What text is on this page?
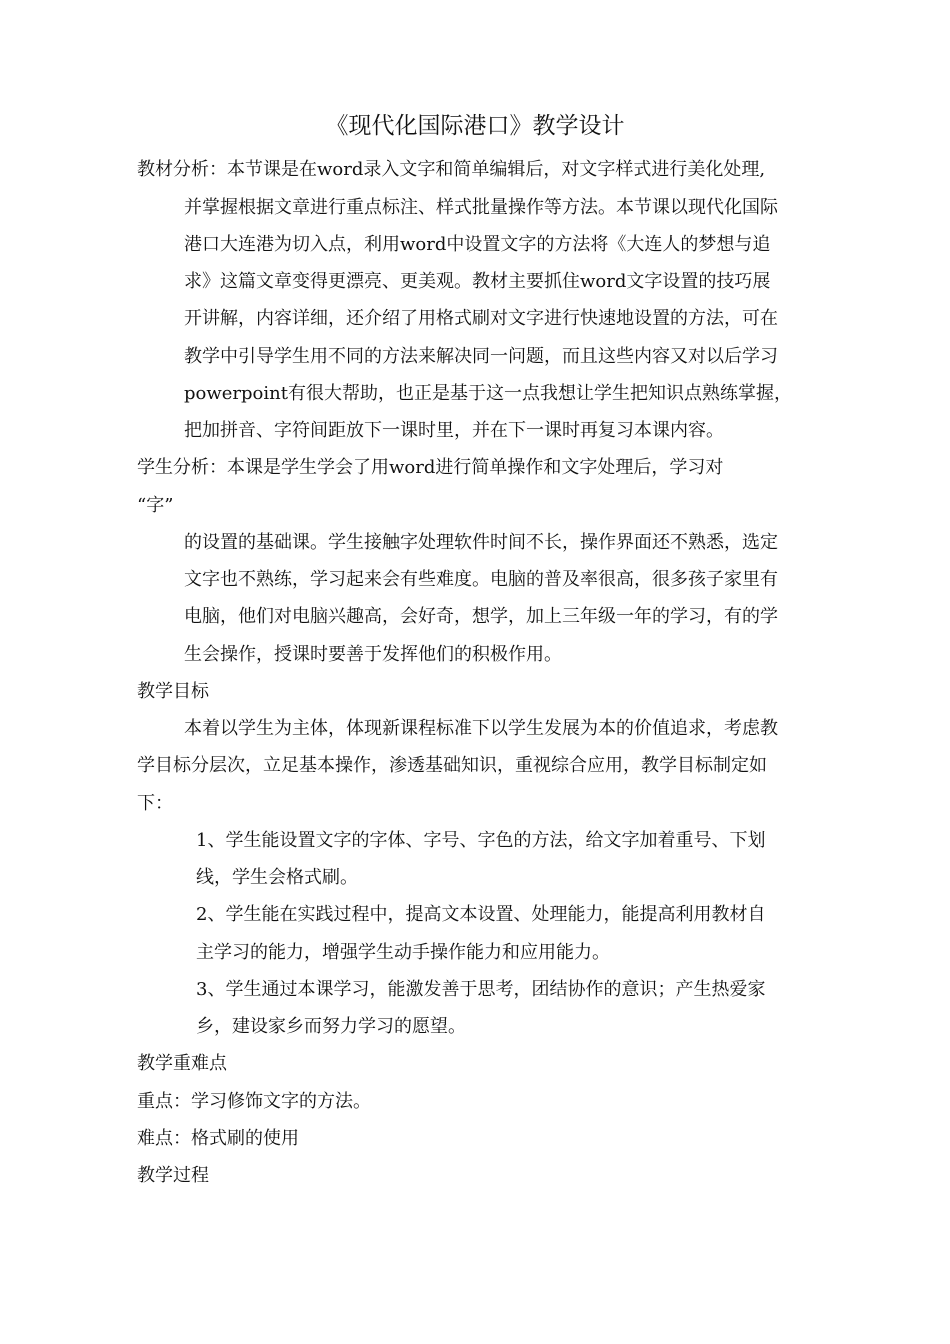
《现代化国际港口》教学设计
教材分析：本节课是在word录入文字和简单编辑后，对文字样式进行美化处理,
并掌握根据文章进行重点标注、样式批量操作等方法。本节课以现代化国际
港口大连港为切入点，利用word中设置文字的方法将《大连人的梦想与追
求》这篇文章变得更漂亮、更美观。教材主要抓住word文字设置的技巧展
开讲解，内容详细，还介绍了用格式刷对文字进行快速地设置的方法，可在
教学中引导学生用不同的方法来解决同一问题，而且这些内容又对以后学习
powerpoint有很大帮助，也正是基于这一点我想让学生把知识点熟练掌握，
把加拼音、字符间距放下一课时里，并在下一课时再复习本课内容。
学生分析：本课是学生学会了用word进行简单操作和文字处理后，学习对
“字”
的设置的基础课。学生接触字处理软件时间不长，操作界面还不熟悉，选定
文字也不熟练，学习起来会有些难度。电脑的普及率很高，很多孩子家里有
电脑，他们对电脑兴趣高，会好奇，想学，加上三年级一年的学习，有的学
生会操作，授课时要善于发挥他们的积极作用。
教学目标
本着以学生为主体，体现新课程标准下以学生发展为本的价值追求，考虑教
学目标分层次，立足基本操作，渗透基础知识，重视综合应用，教学目标制定如
下：
1、学生能设置文字的字体、字号、字色的方法，给文字加着重号、下划
线，学生会格式刷。
2、学生能在实践过程中，提高文本设置、处理能力，能提高利用教材自
主学习的能力，增强学生动手操作能力和应用能力。
3、学生通过本课学习，能激发善于思考，团结协作的意识；产生热爱家
乡，建设家乡而努力学习的愿望。
教学重难点
重点：学习修饰文字的方法。
难点：格式刷的使用
教学过程
